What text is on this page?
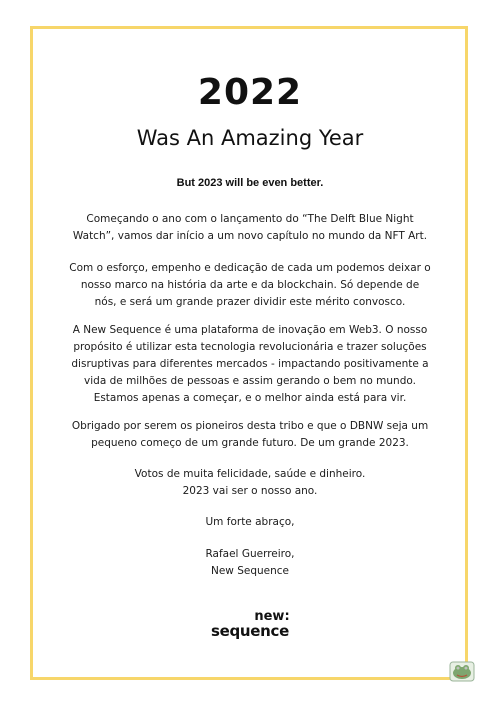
2022
Was An Amazing Year
But 2023 will be even better.
Começando o ano com o lançamento do “The Delft Blue Night
Watch”, vamos dar início a um novo capítulo no mundo da NFT Art.
Com o esforço, empenho e dedicação de cada um podemos deixar o
nosso marco na história da arte e da blockchain. Só depende de
nós, e será um grande prazer dividir este mérito convosco.
A New Sequence é uma plataforma de inovação em Web3. O nosso
propósito é utilizar esta tecnologia revolucionária e trazer soluções
disruptivas para diferentes mercados - impactando positivamente a
vida de milhões de pessoas e assim gerando o bem no mundo.
Estamos apenas a começar, e o melhor ainda está para vir.
Obrigado por serem os pioneiros desta tribo e que o DBNW seja um
pequeno começo de um grande futuro. De um grande 2023.
Votos de muita felicidade, saúde e dinheiro.
2023 vai ser o nosso ano.
Um forte abraço,
Rafael Guerreiro,
New Sequence
new:
sequence
